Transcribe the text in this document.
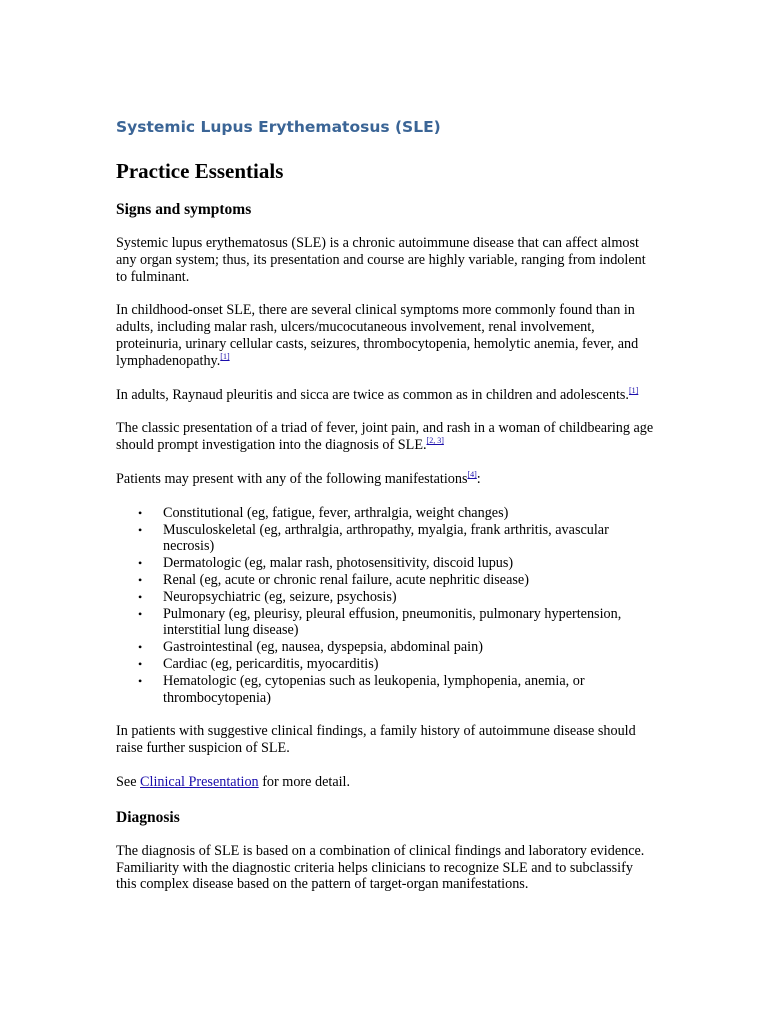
Systemic Lupus Erythematosus (SLE)
Practice Essentials
Signs and symptoms

Systemic lupus erythematosus (SLE) is a chronic autoimmune disease that can affect almost any organ system; thus, its presentation and course are highly variable, ranging from indolent to fulminant.

In childhood-onset SLE, there are several clinical symptoms more commonly found than in adults, including malar rash, ulcers/mucocutaneous involvement, renal involvement, proteinuria, urinary cellular casts, seizures, thrombocytopenia, hemolytic anemia, fever, and lymphadenopathy.[1]

In adults, Raynaud pleuritis and sicca are twice as common as in children and adolescents.[1]

The classic presentation of a triad of fever, joint pain, and rash in a woman of childbearing age should prompt investigation into the diagnosis of SLE.[2, 3]

Patients may present with any of the following manifestations[4]:

• Constitutional (eg, fatigue, fever, arthralgia, weight changes)
• Musculoskeletal (eg, arthralgia, arthropathy, myalgia, frank arthritis, avascular necrosis)
• Dermatologic (eg, malar rash, photosensitivity, discoid lupus)
• Renal (eg, acute or chronic renal failure, acute nephritic disease)
• Neuropsychiatric (eg, seizure, psychosis)
• Pulmonary (eg, pleurisy, pleural effusion, pneumonitis, pulmonary hypertension, interstitial lung disease)
• Gastrointestinal (eg, nausea, dyspepsia, abdominal pain)
• Cardiac (eg, pericarditis, myocarditis)
• Hematologic (eg, cytopenias such as leukopenia, lymphopenia, anemia, or thrombocytopenia)

In patients with suggestive clinical findings, a family history of autoimmune disease should raise further suspicion of SLE.

See Clinical Presentation for more detail.

Diagnosis

The diagnosis of SLE is based on a combination of clinical findings and laboratory evidence. Familiarity with the diagnostic criteria helps clinicians to recognize SLE and to subclassify this complex disease based on the pattern of target-organ manifestations.
